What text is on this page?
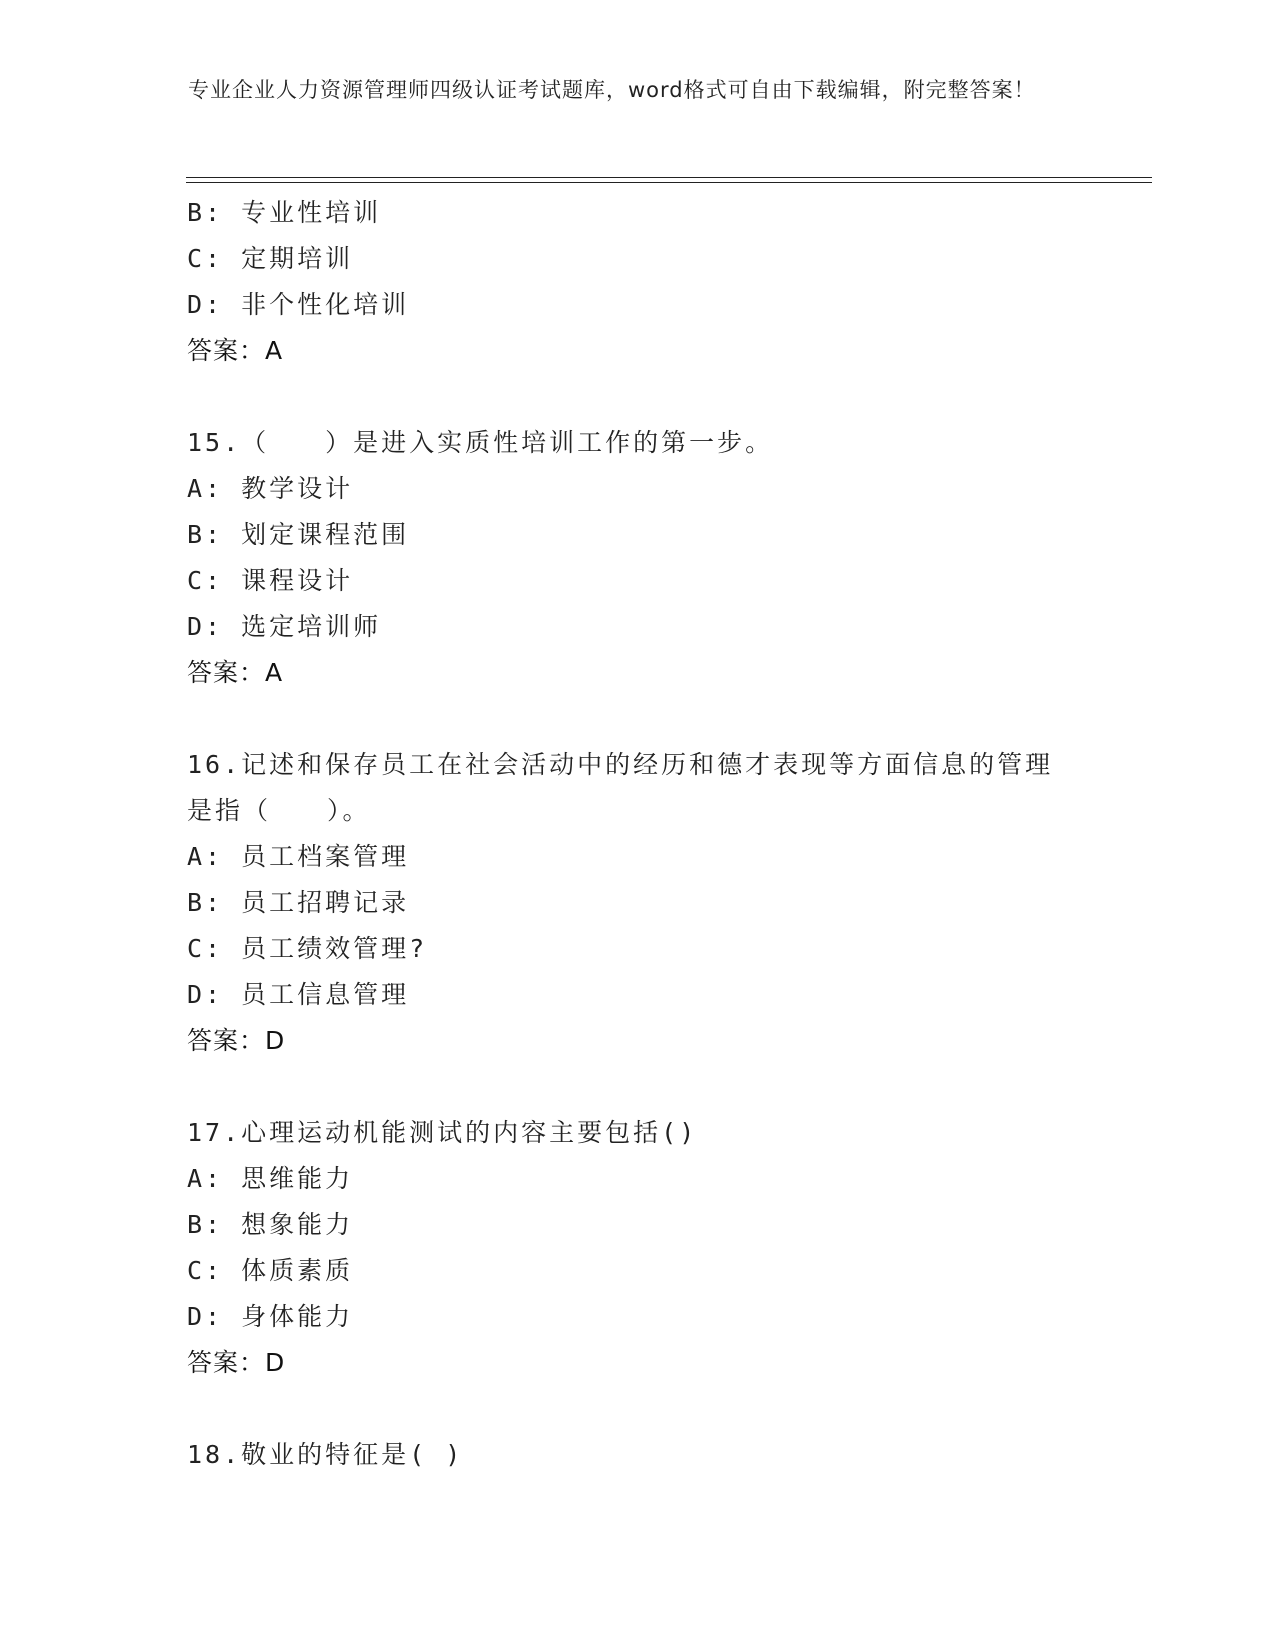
专业企业人力资源管理师四级认证考试题库，word格式可自由下载编辑，附完整答案！
B: 专业性培训
C: 定期培训
D: 非个性化培训
答案：A
15.（　　）是进入实质性培训工作的第一步。
A: 教学设计
B: 划定课程范围
C: 课程设计
D: 选定培训师
答案：A
16.记述和保存员工在社会活动中的经历和德才表现等方面信息的管理是指（　　）。
A: 员工档案管理
B: 员工招聘记录
C: 员工绩效管理?
D: 员工信息管理
答案：D
17.心理运动机能测试的内容主要包括()
A: 思维能力
B: 想象能力
C: 体质素质
D: 身体能力
答案：D
18.敬业的特征是( )
